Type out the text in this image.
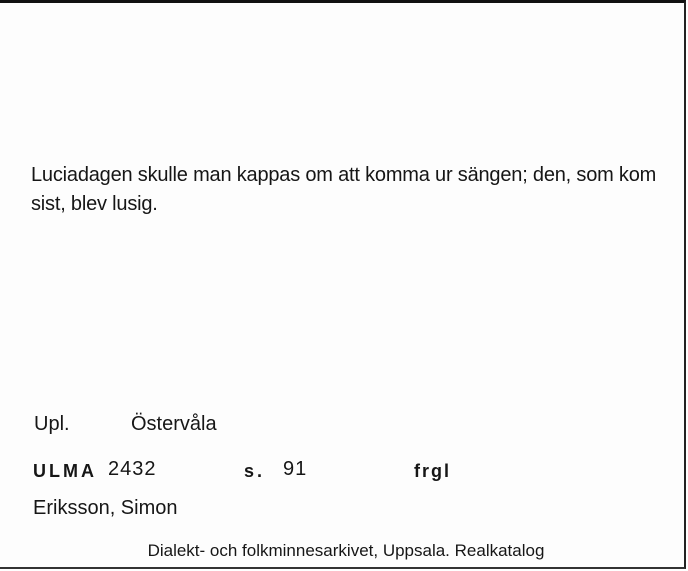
Luciadagen skulle man kappas om att komma ur sängen; den, som kom sist, blev lusig.
Upl.	Östervåla
ULMA 2432	s. 91	frgl
Eriksson, Simon
Dialekt- och folkminnesarkivet, Uppsala. Realkatalog
